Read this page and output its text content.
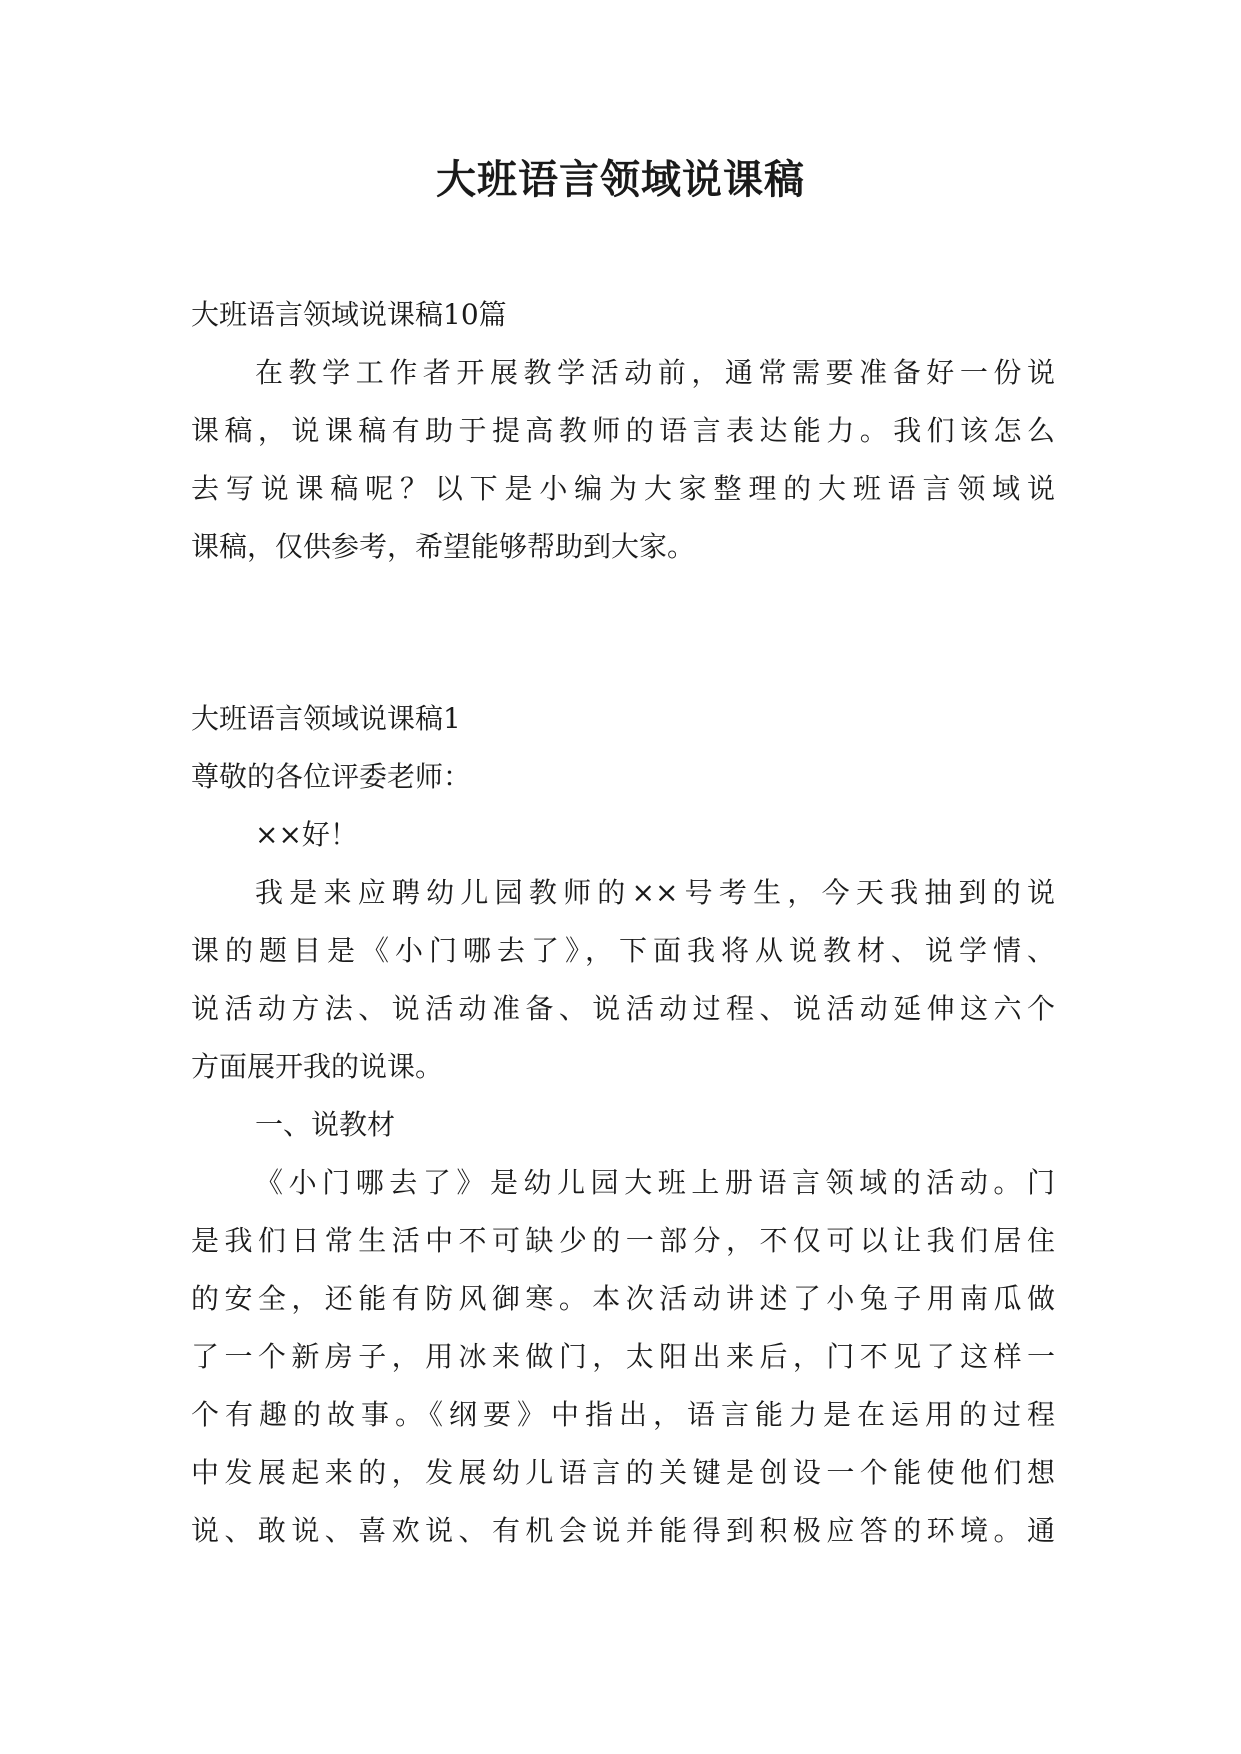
大班语言领域说课稿

大班语言领域说课稿10篇

在教学工作者开展教学活动前，通常需要准备好一份说
课稿，说课稿有助于提高教师的语言表达能力。我们该怎么
去写说课稿呢？以下是小编为大家整理的大班语言领域说
课稿，仅供参考，希望能够帮助到大家。

大班语言领域说课稿1

尊敬的各位评委老师：

××好！

我是来应聘幼儿园教师的××号考生，今天我抽到的说
课的题目是《小门哪去了》，下面我将从说教材、说学情、
说活动方法、说活动准备、说活动过程、说活动延伸这六个
方面展开我的说课。

一、说教材

《小门哪去了》是幼儿园大班上册语言领域的活动。门
是我们日常生活中不可缺少的一部分，不仅可以让我们居住
的安全，还能有防风御寒。本次活动讲述了小兔子用南瓜做
了一个新房子，用冰来做门，太阳出来后，门不见了这样一
个有趣的故事。《纲要》中指出，语言能力是在运用的过程
中发展起来的，发展幼儿语言的关键是创设一个能使他们想
说、敢说、喜欢说、有机会说并能得到积极应答的环境。通
